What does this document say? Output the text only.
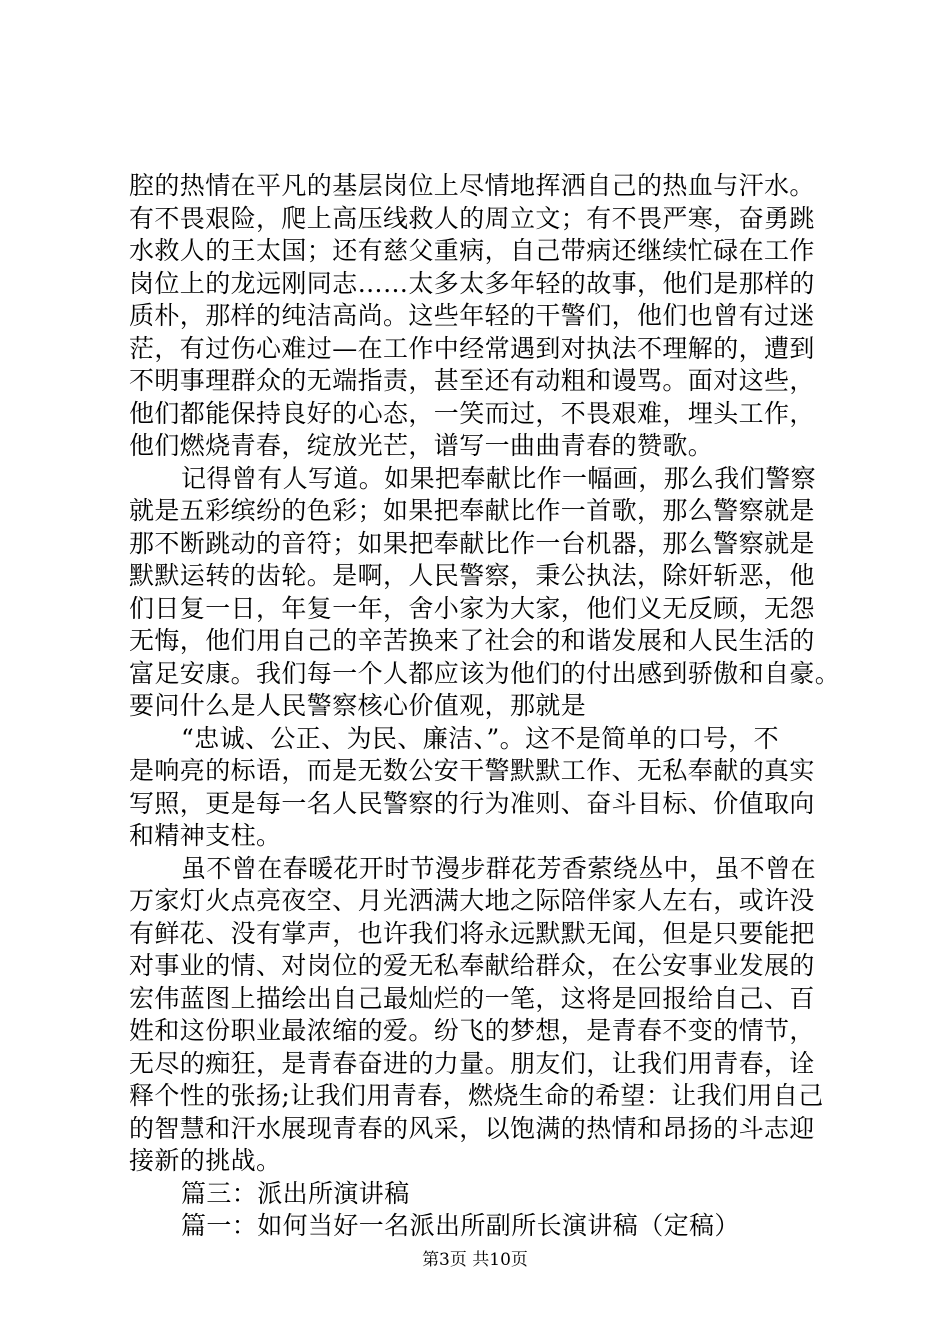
腔的热情在平凡的基层岗位上尽情地挥洒自己的热血与汗水。
有不畏艰险，爬上高压线救人的周立文；有不畏严寒，奋勇跳
水救人的王太国；还有慈父重病，自己带病还继续忙碌在工作
岗位上的龙远刚同志……太多太多年轻的故事，他们是那样的
质朴，那样的纯洁高尚。这些年轻的干警们，他们也曾有过迷
茫，有过伤心难过—在工作中经常遇到对执法不理解的，遭到
不明事理群众的无端指责，甚至还有动粗和谩骂。面对这些，
他们都能保持良好的心态，一笑而过，不畏艰难，埋头工作，
他们燃烧青春，绽放光芒，谱写一曲曲青春的赞歌。
记得曾有人写道。如果把奉献比作一幅画，那么我们警察
就是五彩缤纷的色彩；如果把奉献比作一首歌，那么警察就是
那不断跳动的音符；如果把奉献比作一台机器，那么警察就是
默默运转的齿轮。是啊，人民警察，秉公执法，除奸斩恶，他
们日复一日，年复一年，舍小家为大家，他们义无反顾，无怨
无悔，他们用自己的辛苦换来了社会的和谐发展和人民生活的
富足安康。我们每一个人都应该为他们的付出感到骄傲和自豪。
要问什么是人民警察核心价值观，那就是
“忠诚、公正、为民、廉洁、”。这不是简单的口号，不
是响亮的标语，而是无数公安干警默默工作、无私奉献的真实
写照，更是每一名人民警察的行为准则、奋斗目标、价值取向
和精神支柱。
虽不曾在春暖花开时节漫步群花芳香萦绕丛中，虽不曾在
万家灯火点亮夜空、月光洒满大地之际陪伴家人左右，或许没
有鲜花、没有掌声，也许我们将永远默默无闻，但是只要能把
对事业的情、对岗位的爱无私奉献给群众，在公安事业发展的
宏伟蓝图上描绘出自己最灿烂的一笔，这将是回报给自己、百
姓和这份职业最浓缩的爱。纷飞的梦想，是青春不变的情节，
无尽的痴狂，是青春奋进的力量。朋友们，让我们用青春，诠
释个性的张扬;让我们用青春，燃烧生命的希望：让我们用自己
的智慧和汗水展现青春的风采，以饱满的热情和昂扬的斗志迎
接新的挑战。
篇三：派出所演讲稿
篇一：如何当好一名派出所副所长演讲稿（定稿）
第3页 共10页
